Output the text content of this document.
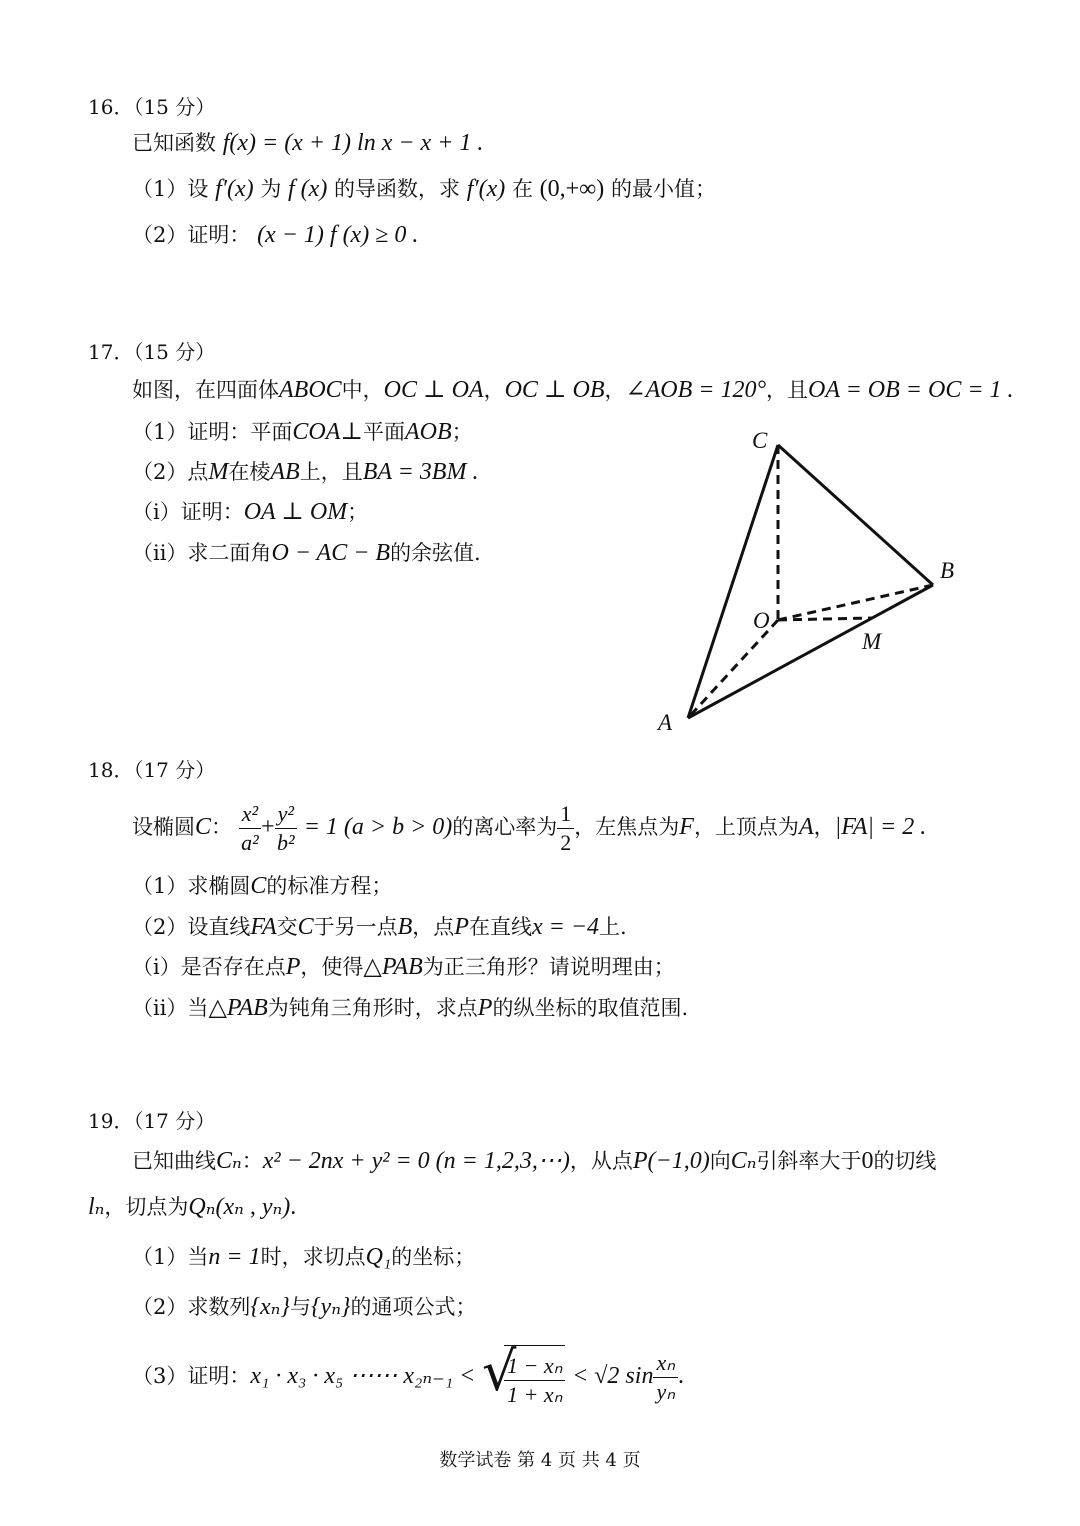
16．（15 分）
已知函数 f(x) = (x + 1) ln x − x + 1 .
（1）设 f′(x) 为 f (x) 的导函数，求 f′(x) 在 (0,+∞) 的最小值；
（2）证明： (x − 1) f (x) ≥ 0 .
17．（15 分）
如图，在四面体ABOC中，OC ⊥ OA，OC ⊥ OB，∠AOB = 120°，且OA = OB = OC = 1 .
（1）证明：平面COA⊥平面AOB；
（2）点M在棱AB上，且BA = 3BM .
（i）证明：OA ⊥ OM；
（ii）求二面角O − AC − B的余弦值.
C
B
O
M
A
18．（17 分）
设椭圆C： $\frac{\text{x²}}{\text{a²}} + \frac{\text{y²}}{\text{b²}} = 1$ (a > b > 0)的离心率为 $\frac{1}{2}$ ，左焦点为F，上顶点为A，|FA| = 2 .
（1）求椭圆C的标准方程；
（2）设直线FA交C于另一点B，点P在直线x = −4上.
（i）是否存在点P，使得△PAB为正三角形？请说明理由；
（ii）当△PAB为钝角三角形时，求点P的纵坐标的取值范围.
19．（17 分）
已知曲线Cₙ：x² − 2nx + y² = 0 (n = 1,2,3,⋯)，从点P(−1,0)向Cₙ引斜率大于0的切线
lₙ，切点为Qₙ(xₙ , yₙ).
（1）当n = 1时，求切点Q₁的坐标；
（2）求数列{xₙ}与{yₙ}的通项公式；
（3）证明：x₁ · x₃ · x₅ ⋯⋯ x₂ₙ₋₁ < √
$\frac{\text{1 − xₙ}}{\text{1 + xₙ}} < √2$ $\sin \frac{\text{xₙ}}{\text{yₙ}}$ .
数学试卷 第 4 页 共 4 页
